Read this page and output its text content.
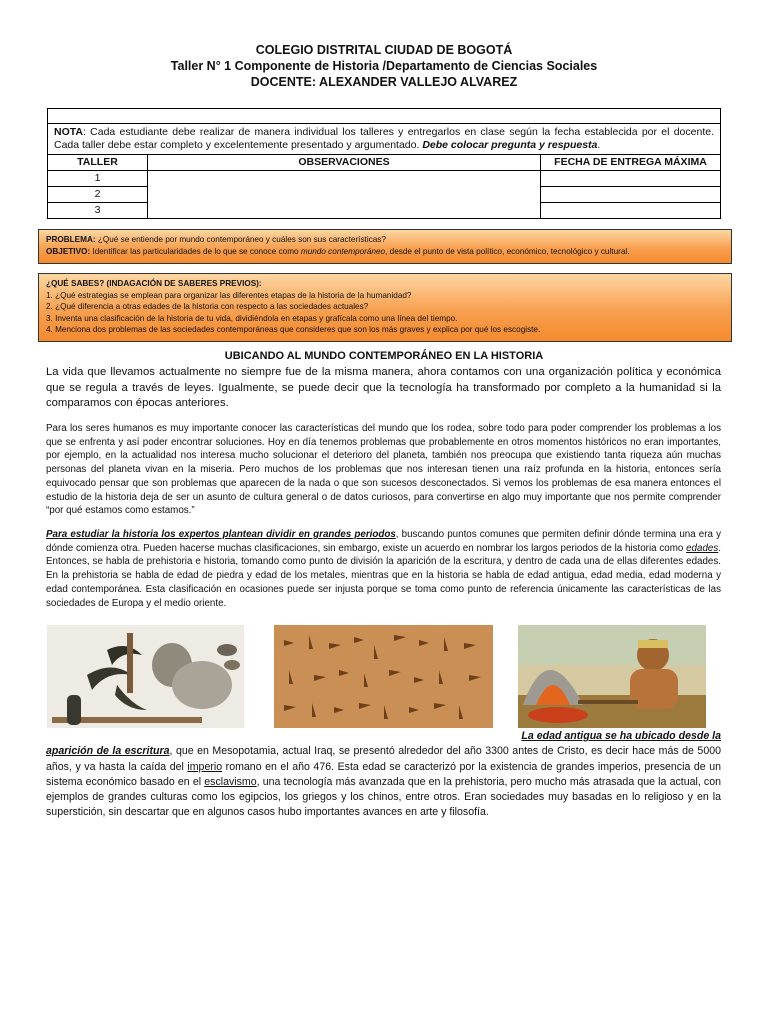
COLEGIO DISTRITAL CIUDAD DE BOGOTÁ
Taller N° 1 Componente de Historia /Departamento de Ciencias Sociales
DOCENTE: ALEXANDER VALLEJO ALVAREZ

NOTA: Cada estudiante debe realizar de manera individual los talleres y entregarlos en clase según la fecha establecida por el docente. Cada taller debe estar completo y excelentemente presentado y argumentado. Debe colocar pregunta y respuesta.		
TALLER	OBSERVACIONES	FECHA DE ENTREGA MÁXIMA
1		
2		
3		
PROBLEMA: ¿Qué se entiende por mundo contemporáneo y cuáles son sus características?
OBJETIVO: Identificar las particularidades de lo que se conoce como mundo contemporáneo, desde el punto de vista político, económico, tecnológico y cultural.
¿QUÉ SABES? (INDAGACIÓN DE SABERES PREVIOS):
1. ¿Qué estrategias se emplean para organizar las diferentes etapas de la historia de la humanidad?
2. ¿Qué diferencia a otras edades de la historia con respecto a las sociedades actuales?
3. Inventa una clasificación de la historia de tu vida, dividiéndola en etapas y grafícala como una línea del tiempo.
4. Menciona dos problemas de las sociedades contemporáneas que consideres que son los más graves y explica por qué los escogiste.
UBICANDO AL MUNDO CONTEMPORÁNEO EN LA HISTORIA
La vida que llevamos actualmente no siempre fue de la misma manera, ahora contamos con una organización política y económica que se regula a través de leyes. Igualmente, se puede decir que la tecnología ha transformado por completo a la humanidad si la comparamos con épocas anteriores.
Para los seres humanos es muy importante conocer las características del mundo que los rodea, sobre todo para poder comprender los problemas a los que se enfrenta y así poder encontrar soluciones. Hoy en día tenemos problemas que probablemente en otros momentos históricos no eran importantes, por ejemplo, en la actualidad nos interesa mucho solucionar el deterioro del planeta, también nos preocupa que existiendo tanta riqueza aún muchas personas del planeta vivan en la miseria. Pero muchos de los problemas que nos interesan tienen una raíz profunda en la historia, entonces sería equivocado pensar que son problemas que aparecen de la nada o que son sucesos desconectados. Si vemos los problemas de esa manera entonces el estudio de la historia deja de ser un asunto de cultura general o de datos curiosos, para convertirse en algo muy importante que nos permite comprender “por qué estamos como estamos.”
Para estudiar la historia los expertos plantean dividir en grandes periodos, buscando puntos comunes que permiten definir dónde termina una era y dónde comienza otra. Pueden hacerse muchas clasificaciones, sin embargo, existe un acuerdo en nombrar los largos periodos de la historia como edades. Entonces, se habla de prehistoria e historia, tomando como punto de división la aparición de la escritura, y dentro de cada una de ellas diferentes edades. En la prehistoria se habla de edad de piedra y edad de los metales, mientras que en la historia se habla de edad antigua, edad media, edad moderna y edad contemporánea. Esta clasificación en ocasiones puede ser injusta porque se toma como punto de referencia únicamente las características de las sociedades de Europa y el medio oriente.
La edad antigua se ha ubicado desde la
aparición de la escritura, que en Mesopotamia, actual Iraq, se presentó alrededor del año 3300 antes de Cristo, es decir hace más de 5000 años, y va hasta la caída del imperio romano en el año 476. Esta edad se caracterizó por la existencia de grandes imperios, presencia de un sistema económico basado en el esclavismo, una tecnología más avanzada que en la prehistoria, pero mucho más atrasada que la actual, con ejemplos de grandes culturas como los egipcios, los griegos y los chinos, entre otros. Eran sociedades muy basadas en lo religioso y en la superstición, sin descartar que en algunos casos hubo importantes avances en arte y filosofía.
